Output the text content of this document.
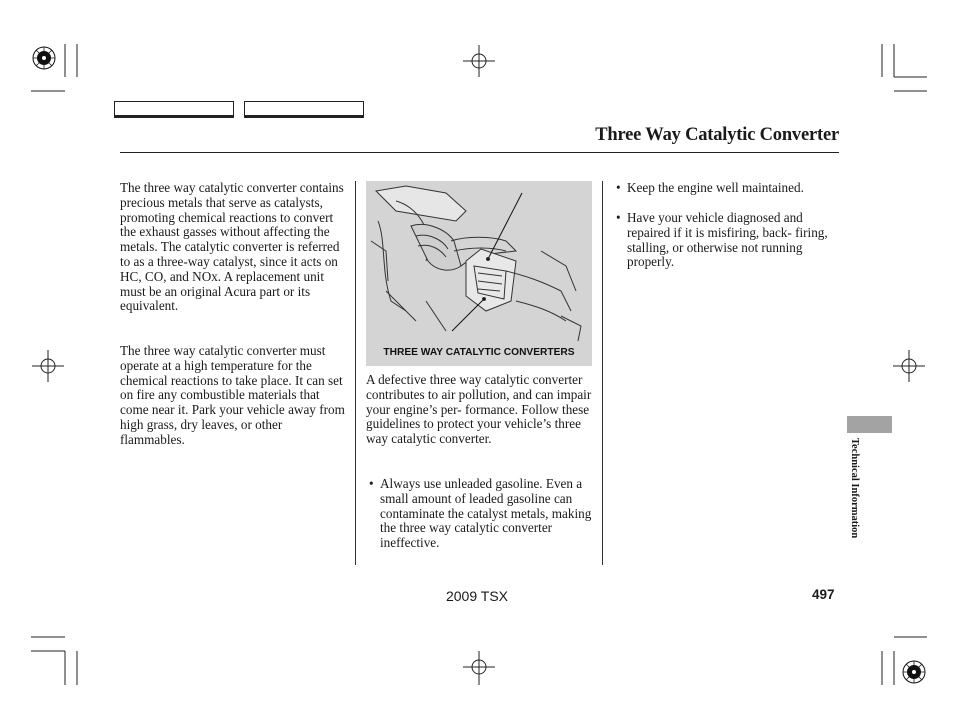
Three Way Catalytic Converter

The three way catalytic converter contains precious metals that serve as catalysts, promoting chemical reactions to convert the exhaust gasses without affecting the metals. The catalytic converter is referred to as a three-way catalyst, since it acts on HC, CO, and NOx. A replacement unit must be an original Acura part or its equivalent.

The three way catalytic converter must operate at a high temperature for the chemical reactions to take place. It can set on fire any combustible materials that come near it. Park your vehicle away from high grass, dry leaves, or other flammables.

THREE WAY CATALYTIC CONVERTERS

A defective three way catalytic converter contributes to air pollution, and can impair your engine’s per- formance. Follow these guidelines to protect your vehicle’s three way catalytic converter.

• Always use unleaded gasoline. Even a small amount of leaded gasoline can contaminate the catalyst metals, making the three way catalytic converter ineffective.
• Keep the engine well maintained.
• Have your vehicle diagnosed and repaired if it is misfiring, back- firing, stalling, or otherwise not running properly.
Technical Information
2009 TSX	497
